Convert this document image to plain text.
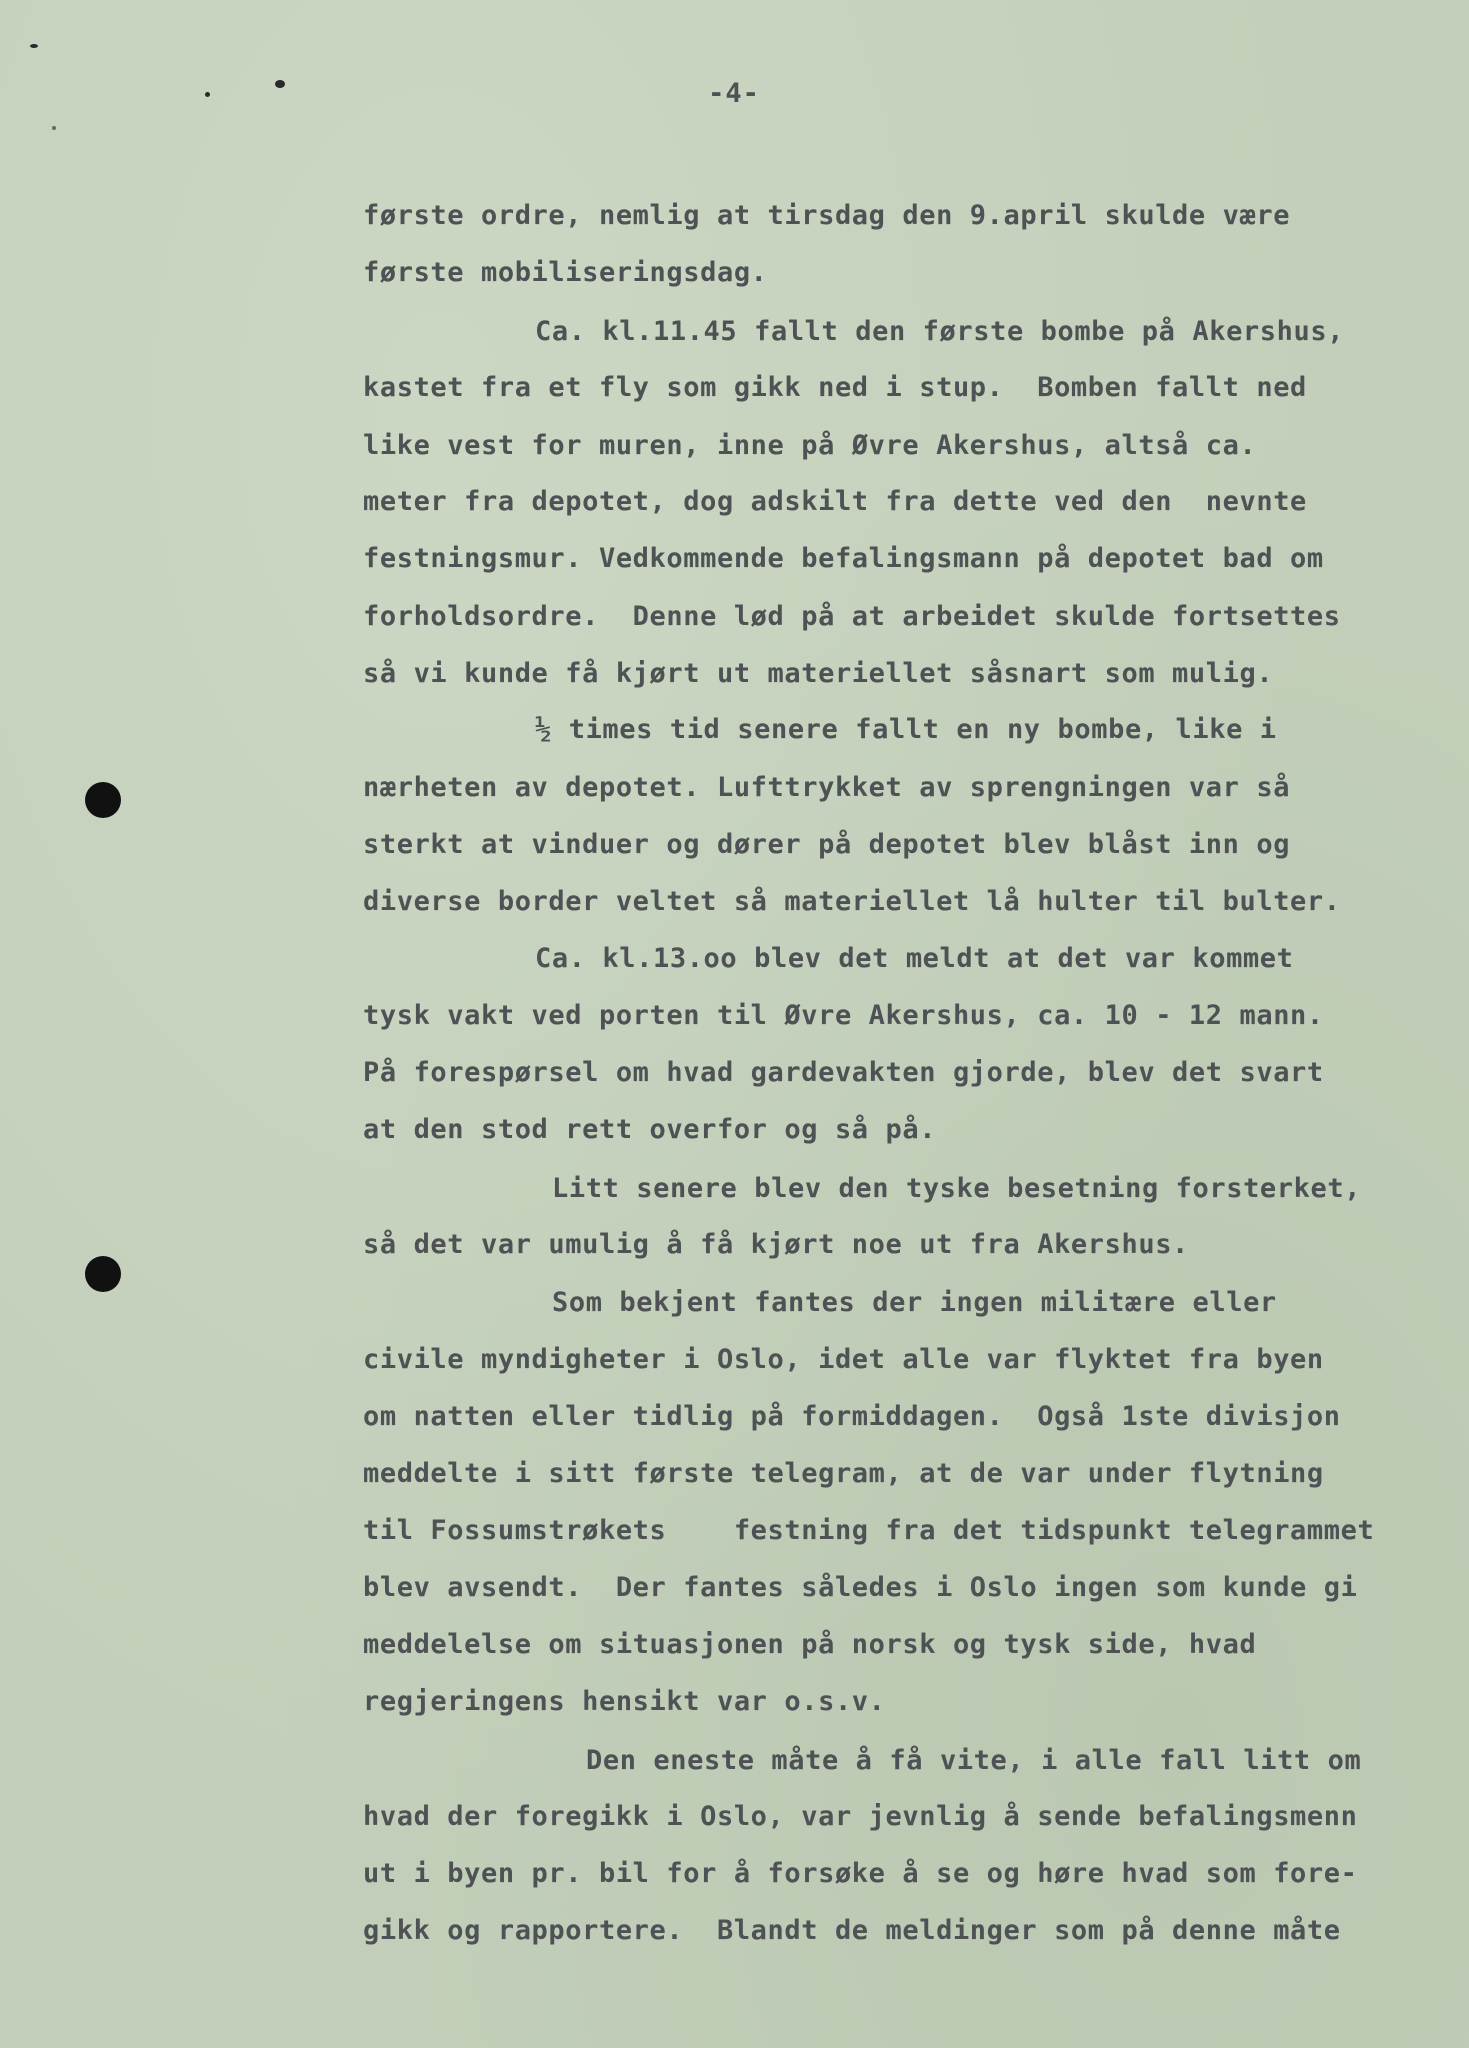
-4-
første ordre, nemlig at tirsdag den 9.april skulde være
første mobiliseringsdag.
Ca. kl.11.45 fallt den første bombe på Akershus,
kastet fra et fly som gikk ned i stup.  Bomben fallt ned
like vest for muren, inne på Øvre Akershus, altså ca.
meter fra depotet, dog adskilt fra dette ved den  nevnte
festningsmur. Vedkommende befalingsmann på depotet bad om
forholdsordre.  Denne lød på at arbeidet skulde fortsettes
så vi kunde få kjørt ut materiellet såsnart som mulig.
½ times tid senere fallt en ny bombe, like i
nærheten av depotet. Lufttrykket av sprengningen var så
sterkt at vinduer og dører på depotet blev blåst inn og
diverse border veltet så materiellet lå hulter til bulter.
Ca. kl.13.oo blev det meldt at det var kommet
tysk vakt ved porten til Øvre Akershus, ca. 10 - 12 mann.
På forespørsel om hvad gardevakten gjorde, blev det svart
at den stod rett overfor og så på.
Litt senere blev den tyske besetning forsterket,
så det var umulig å få kjørt noe ut fra Akershus.
Som bekjent fantes der ingen militære eller
civile myndigheter i Oslo, idet alle var flyktet fra byen
om natten eller tidlig på formiddagen.  Også 1ste divisjon
meddelte i sitt første telegram, at de var under flytning
til Fossumstrøkets    festning fra det tidspunkt telegrammet
blev avsendt.  Der fantes således i Oslo ingen som kunde gi
meddelelse om situasjonen på norsk og tysk side, hvad
regjeringens hensikt var o.s.v.
Den eneste måte å få vite, i alle fall litt om
hvad der foregikk i Oslo, var jevnlig å sende befalingsmenn
ut i byen pr. bil for å forsøke å se og høre hvad som fore-
gikk og rapportere.  Blandt de meldinger som på denne måte
